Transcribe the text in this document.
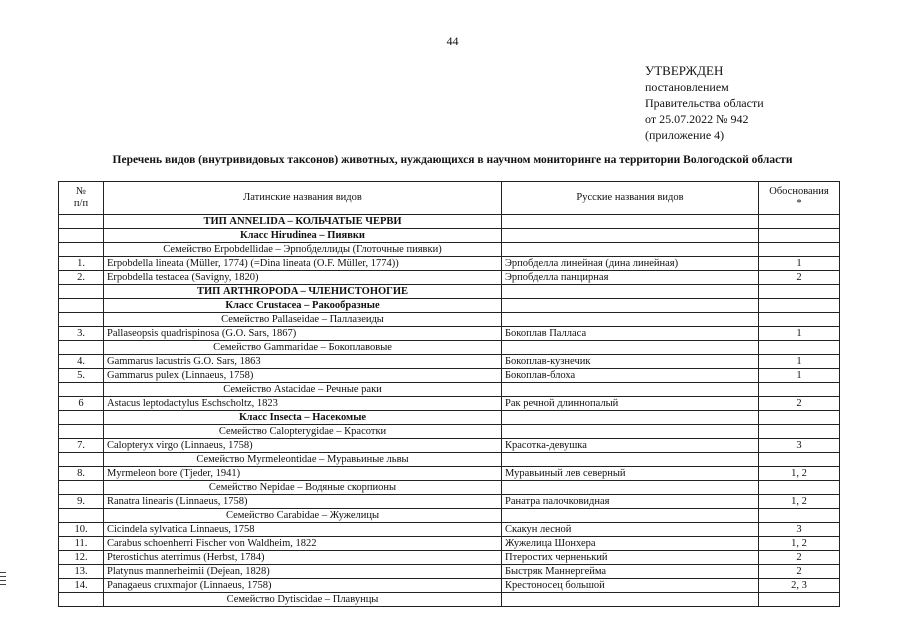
44
УТВЕРЖДЕН
постановлением
Правительства области
от 25.07.2022 № 942
(приложение 4)
Перечень видов (внутривидовых таксонов) животных, нуждающихся в научном мониторинге на территории Вологодской области
№
п/п	Латинские названия видов	Русские названия видов	Обоснования
*
	ТИП ANNELIDA – КОЛЬЧАТЫЕ ЧЕРВИ		
	Класс Hirudinea – Пиявки		
	Семейство Erpobdellidae – Эрпобделлиды (Глоточные пиявки)		
1.	Erpobdella lineata (Müller, 1774) (=Dina lineata (O.F. Müller, 1774))	Эрпобделла линейная (дина линейная)	1
2.	Erpobdella testacea (Savigny, 1820)	Эрпобделла панцирная	2
	ТИП ARTHROPODA – ЧЛЕНИСТОНОГИЕ		
	Класс Crustacea – Ракообразные		
	Семейство Pallaseidae – Паллазеиды		
3.	Pallaseopsis quadrispinosa (G.O. Sars, 1867)	Бокоплав Палласа	1
	Семейство Gammaridae – Бокоплавовые		
4.	Gammarus lacustris G.O. Sars, 1863	Бокоплав-кузнечик	1
5.	Gammarus pulex (Linnaeus, 1758)	Бокоплав-блоха	1
	Семейство Astacidae – Речные раки		
6	Astacus leptodactylus Eschscholtz, 1823	Рак речной длиннопалый	2
	Класс Insecta – Насекомые		
	Семейство Calopterygidae – Красотки		
7.	Calopteryx virgo (Linnaeus, 1758)	Красотка-девушка	3
	Семейство Myrmeleontidae – Муравьиные львы		
8.	Myrmeleon bore (Tjeder, 1941)	Муравьиный лев северный	1, 2
	Семейство Nepidae – Водяные скорпионы		
9.	Ranatra linearis (Linnaeus, 1758)	Ранатра палочковидная	1, 2
	Семейство Carabidae – Жужелицы		
10.	Cicindela sylvatica Linnaeus, 1758	Скакун лесной	3
11.	Carabus schoenherri Fischer von Waldheim, 1822	Жужелица Шонхера	1, 2
12.	Pterostichus aterrimus (Herbst, 1784)	Птеростих черненький	2
13.	Platynus mannerheimii (Dejean, 1828)	Быстряк Маннергейма	2
14.	Panagaeus cruxmajor (Linnaeus, 1758)	Крестоносец большой	2, 3
	Семейство Dytiscidae – Плавунцы		
